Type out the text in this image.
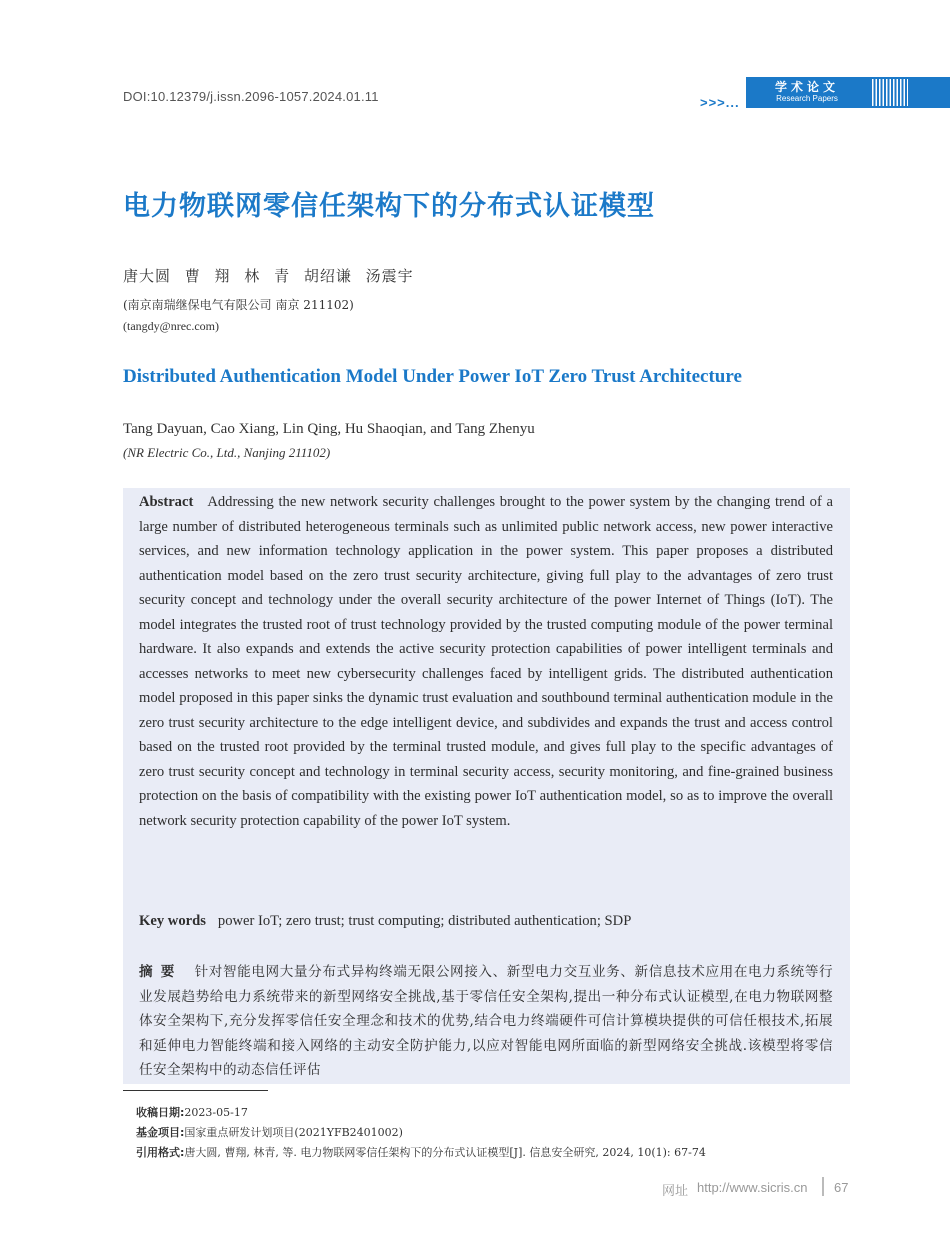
DOI:10.12379/j.issn.2096-1057.2024.01.11	>>>...
学术论文
Research Papers
电力物联网零信任架构下的分布式认证模型
唐大圆 曹 翔 林 青 胡绍谦 汤震宇
(南京南瑞继保电气有限公司 南京 211102)
(tangdy@nrec.com)
Distributed Authentication Model Under Power IoT Zero Trust Architecture
Tang Dayuan, Cao Xiang, Lin Qing, Hu Shaoqian, and Tang Zhenyu
(NR Electric Co., Ltd., Nanjing 211102)
Abstract Addressing the new network security challenges brought to the power system by the changing trend of a large number of distributed heterogeneous terminals such as unlimited public network access, new power interactive services, and new information technology application in the power system. This paper proposes a distributed authentication model based on the zero trust security architecture, giving full play to the advantages of zero trust security concept and technology under the overall security architecture of the power Internet of Things (IoT). The model integrates the trusted root of trust technology provided by the trusted computing module of the power terminal hardware. It also expands and extends the active security protection capabilities of power intelligent terminals and accesses networks to meet new cybersecurity challenges faced by intelligent grids. The distributed authentication model proposed in this paper sinks the dynamic trust evaluation and southbound terminal authentication module in the zero trust security architecture to the edge intelligent device, and subdivides and expands the trust and access control based on the trusted root provided by the terminal trusted module, and gives full play to the specific advantages of zero trust security concept and technology in terminal security access, security monitoring, and fine-grained business protection on the basis of compatibility with the existing power IoT authentication model, so as to improve the overall network security protection capability of the power IoT system.
Key words power IoT; zero trust; trust computing; distributed authentication; SDP
摘要 针对智能电网大量分布式异构终端无限公网接入、新型电力交互业务、新信息技术应用在电力系统等行业发展趋势给电力系统带来的新型网络安全挑战,基于零信任安全架构,提出一种分布式认证模型,在电力物联网整体安全架构下,充分发挥零信任安全理念和技术的优势,结合电力终端硬件可信计算模块提供的可信任根技术,拓展和延伸电力智能终端和接入网络的主动安全防护能力,以应对智能电网所面临的新型网络安全挑战.该模型将零信任安全架构中的动态信任评估
收稿日期:2023-05-17
基金项目:国家重点研发计划项目(2021YFB2401002)
引用格式:唐大圆, 曹翔, 林青, 等. 电力物联网零信任架构下的分布式认证模型[J]. 信息安全研究, 2024, 10(1): 67-74
网址 http://www.sicris.cn 67
